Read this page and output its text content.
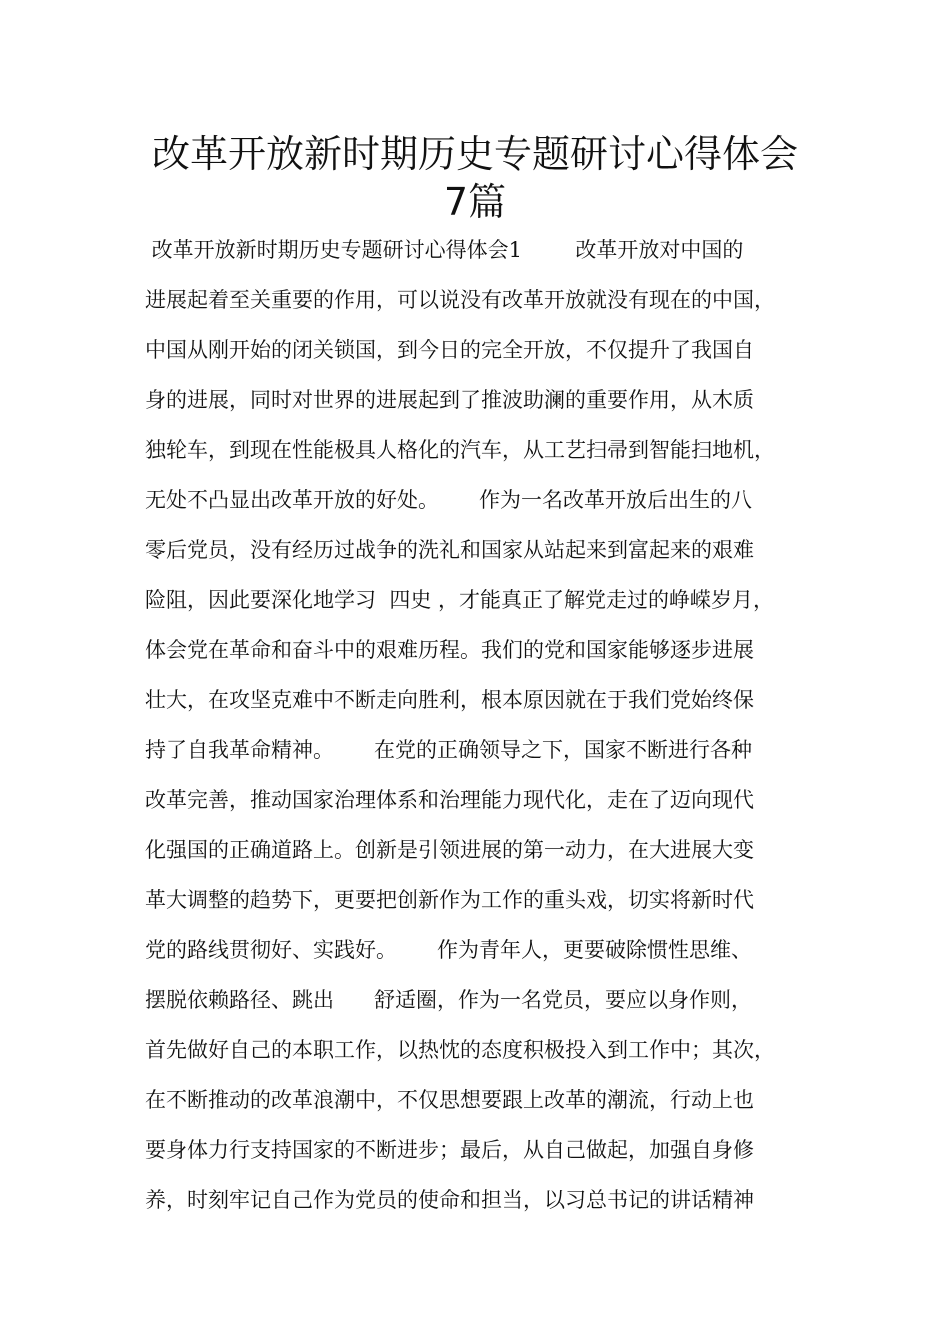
改革开放新时期历史专题研讨心得体会
7篇

改革开放新时期历史专题研讨心得体会1        改革开放对中国的

进展起着至关重要的作用，可以说没有改革开放就没有现在的中国，

中国从刚开始的闭关锁国，到今日的完全开放，不仅提升了我国自

身的进展，同时对世界的进展起到了推波助澜的重要作用，从木质

独轮车，到现在性能极具人格化的汽车，从工艺扫帚到智能扫地机，

无处不凸显出改革开放的好处。      作为一名改革开放后出生的八

零后党员，没有经历过战争的洗礼和国家从站起来到富起来的艰难

险阻，因此要深化地学习  四史 ，才能真正了解党走过的峥嵘岁月，

体会党在革命和奋斗中的艰难历程。我们的党和国家能够逐步进展

壮大，在攻坚克难中不断走向胜利，根本原因就在于我们党始终保

持了自我革命精神。      在党的正确领导之下，国家不断进行各种

改革完善，推动国家治理体系和治理能力现代化，走在了迈向现代

化强国的正确道路上。创新是引领进展的第一动力，在大进展大变

革大调整的趋势下，更要把创新作为工作的重头戏，切实将新时代

党的路线贯彻好、实践好。      作为青年人，更要破除惯性思维、

摆脱依赖路径、跳出      舒适圈，作为一名党员，要应以身作则，

首先做好自己的本职工作，以热忱的态度积极投入到工作中；其次，

在不断推动的改革浪潮中，不仅思想要跟上改革的潮流，行动上也

要身体力行支持国家的不断进步；最后，从自己做起，加强自身修

养，时刻牢记自己作为党员的使命和担当，以习总书记的讲话精神
